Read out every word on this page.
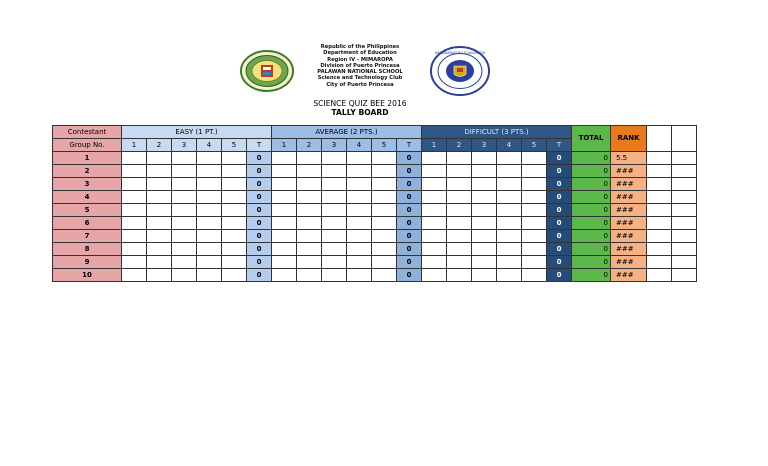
Republic of the Philippines
Department of Education
Region IV - MIMAROPA
Division of Puerto Princesa
PALAWAN NATIONAL SCHOOL
Science and Technology Club
City of Puerto Princesa
KAGAWARAN NG EDUKASYON
SCIENCE QUIZ BEE 2016
TALLY BOARD
Contestant	EASY (1 PT.)						AVERAGE (2 PTS.)						DIFFICULT (3 PTS.)						TOTAL	RANK		
Group No.	1	2	3	4	5	T	1	2	3	4	5	T	1	2	3	4	5	T				
1						0						0						0	0	5.5		
2						0						0						0	0	###		
3						0						0						0	0	###		
4						0						0						0	0	###		
5						0						0						0	0	###		
6						0						0						0	0	###		
7						0						0						0	0	###		
8						0						0						0	0	###		
9						0						0						0	0	###		
10						0						0						0	0	###		
